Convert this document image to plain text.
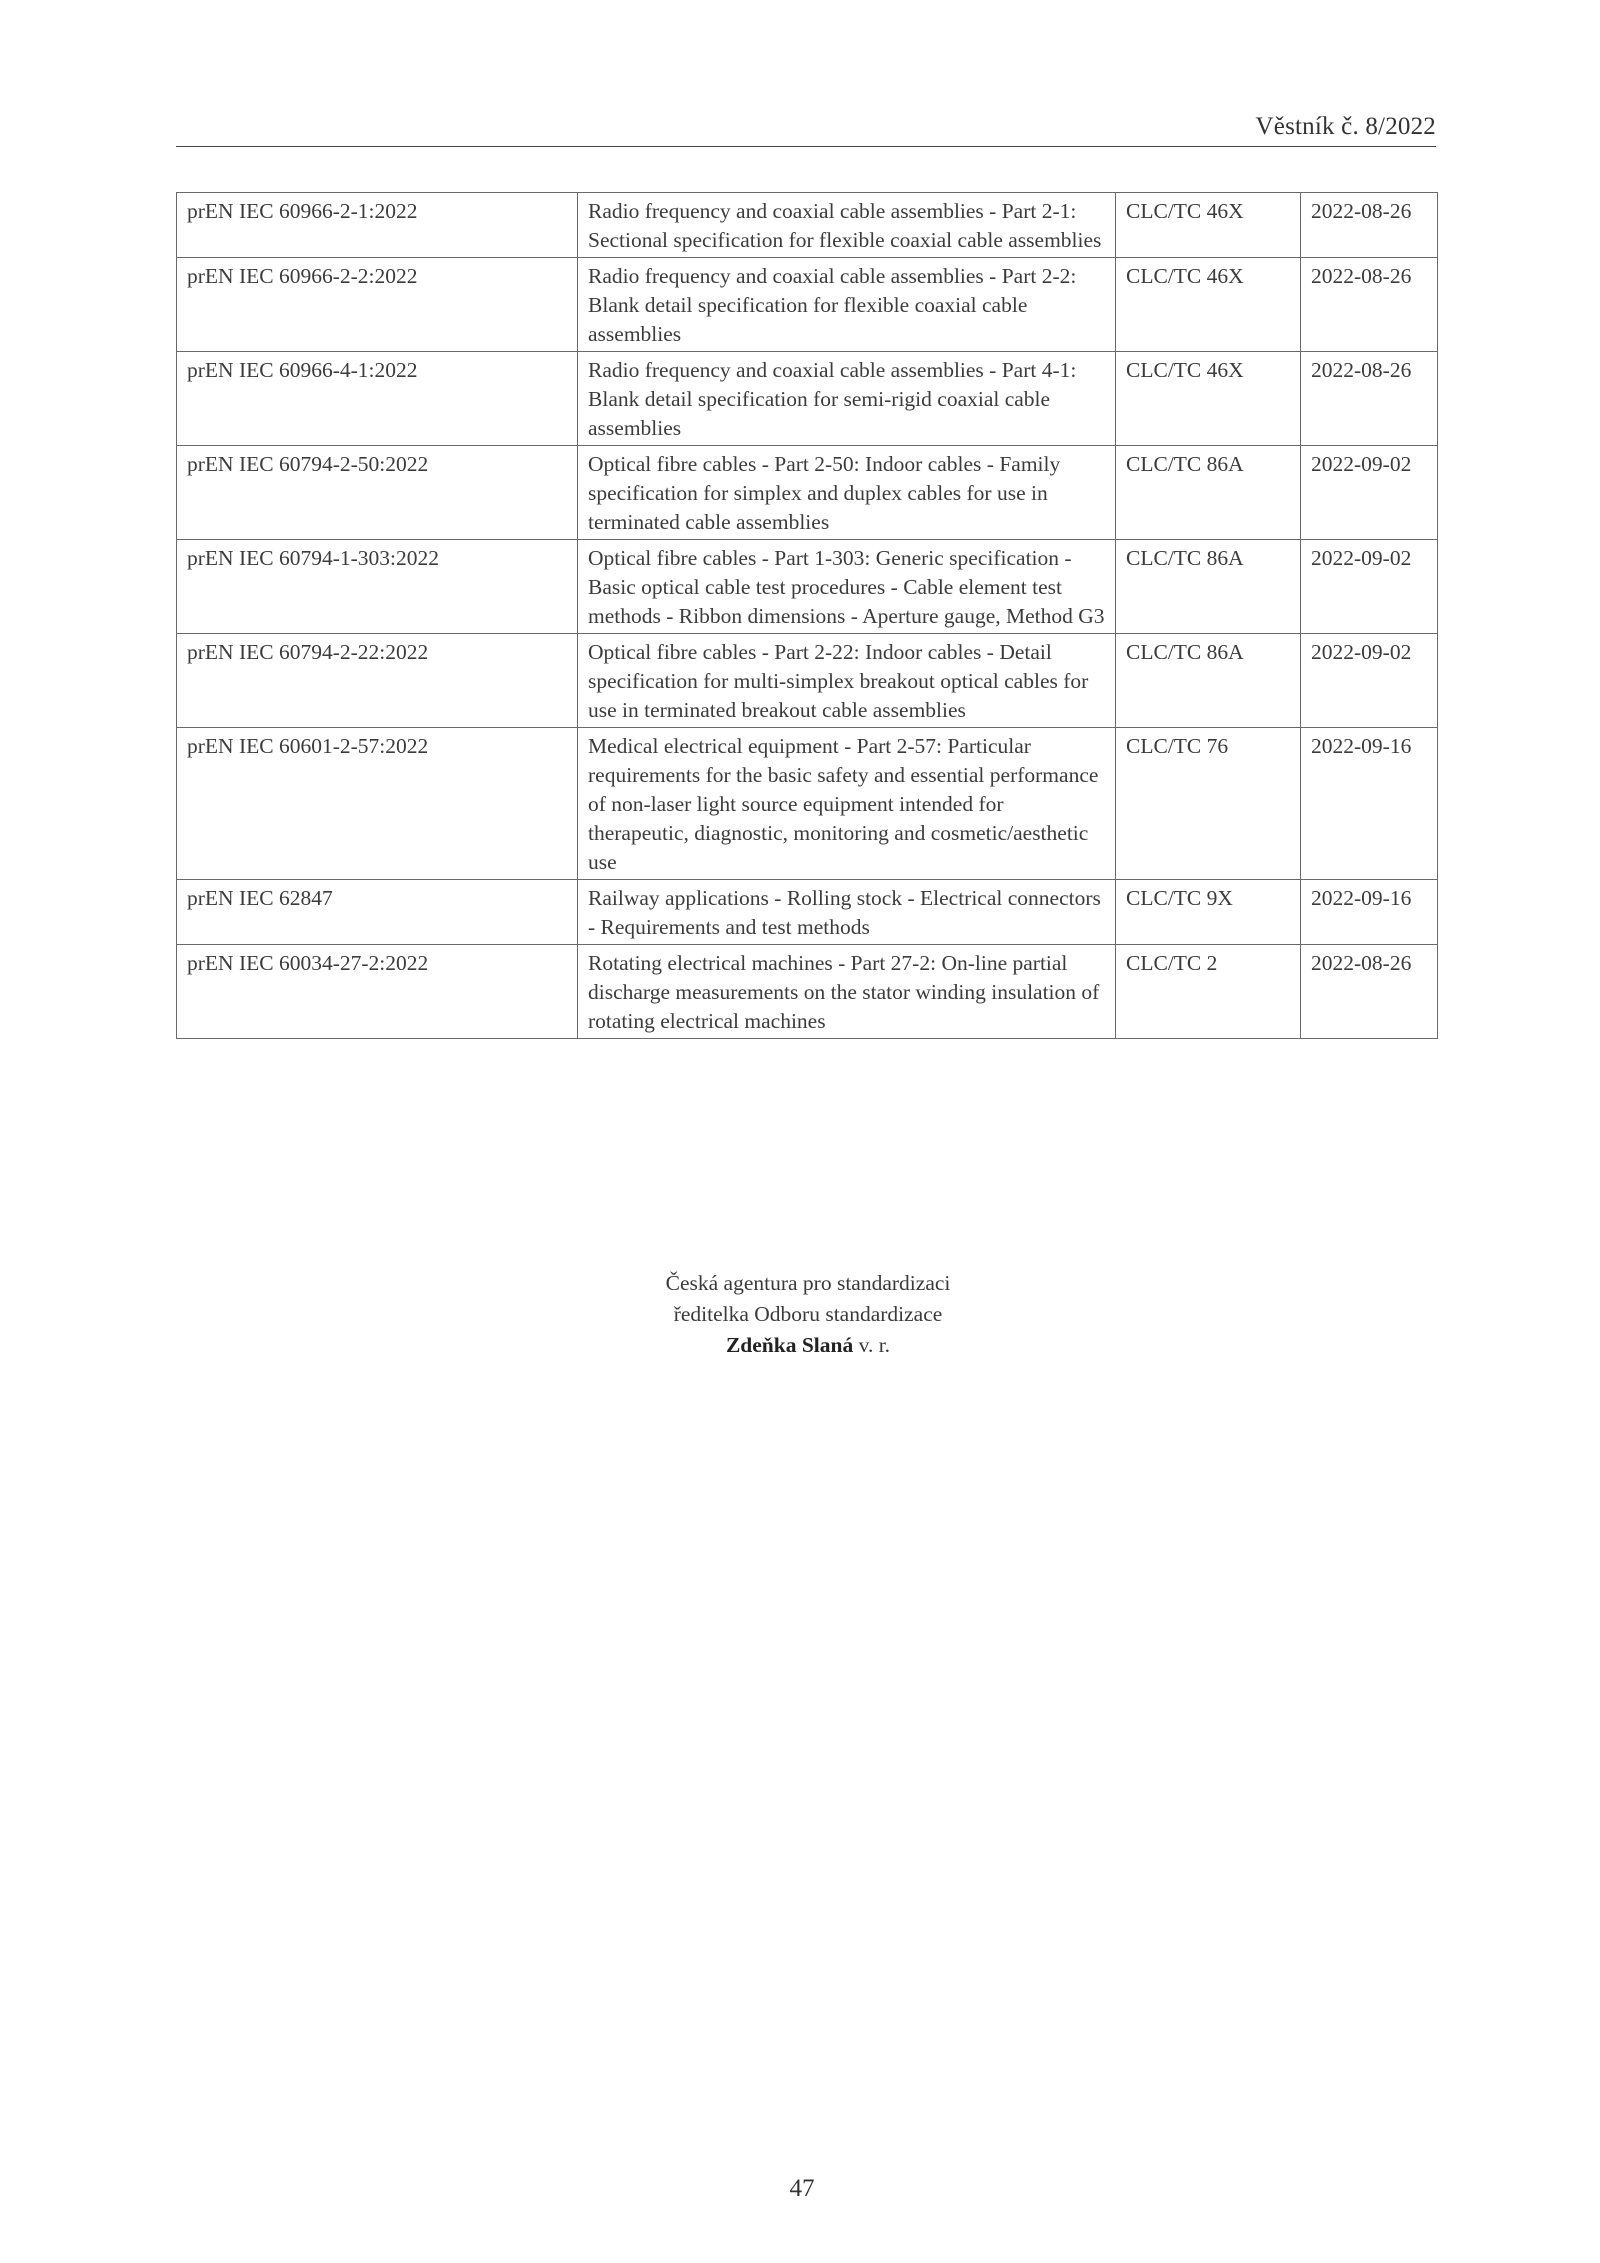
Věstník č. 8/2022
prEN IEC 60966-2-1:2022	Radio frequency and coaxial cable assemblies - Part 2-1: Sectional specification for flexible coaxial cable assemblies	CLC/TC 46X	2022-08-26
prEN IEC 60966-2-2:2022	Radio frequency and coaxial cable assemblies - Part 2-2: Blank detail specification for flexible coaxial cable assemblies	CLC/TC 46X	2022-08-26
prEN IEC 60966-4-1:2022	Radio frequency and coaxial cable assemblies - Part 4-1: Blank detail specification for semi-rigid coaxial cable assemblies	CLC/TC 46X	2022-08-26
prEN IEC 60794-2-50:2022	Optical fibre cables - Part 2-50: Indoor cables - Family specification for simplex and duplex cables for use in terminated cable assemblies	CLC/TC 86A	2022-09-02
prEN IEC 60794-1-303:2022	Optical fibre cables - Part 1-303: Generic specification - Basic optical cable test procedures - Cable element test methods - Ribbon dimensions - Aperture gauge, Method G3	CLC/TC 86A	2022-09-02
prEN IEC 60794-2-22:2022	Optical fibre cables - Part 2-22: Indoor cables - Detail specification for multi-simplex breakout optical cables for use in terminated breakout cable assemblies	CLC/TC 86A	2022-09-02
prEN IEC 60601-2-57:2022	Medical electrical equipment - Part 2-57: Particular requirements for the basic safety and essential performance of non-laser light source equipment intended for therapeutic, diagnostic, monitoring and cosmetic/aesthetic use	CLC/TC 76	2022-09-16
prEN IEC 62847	Railway applications - Rolling stock - Electrical connectors - Requirements and test methods	CLC/TC 9X	2022-09-16
prEN IEC 60034-27-2:2022	Rotating electrical machines - Part 27-2: On-line partial discharge measurements on the stator winding insulation of rotating electrical machines	CLC/TC 2	2022-08-26
Česká agentura pro standardizaci
ředitelka Odboru standardizace
Zdeňka Slaná v. r.
47
